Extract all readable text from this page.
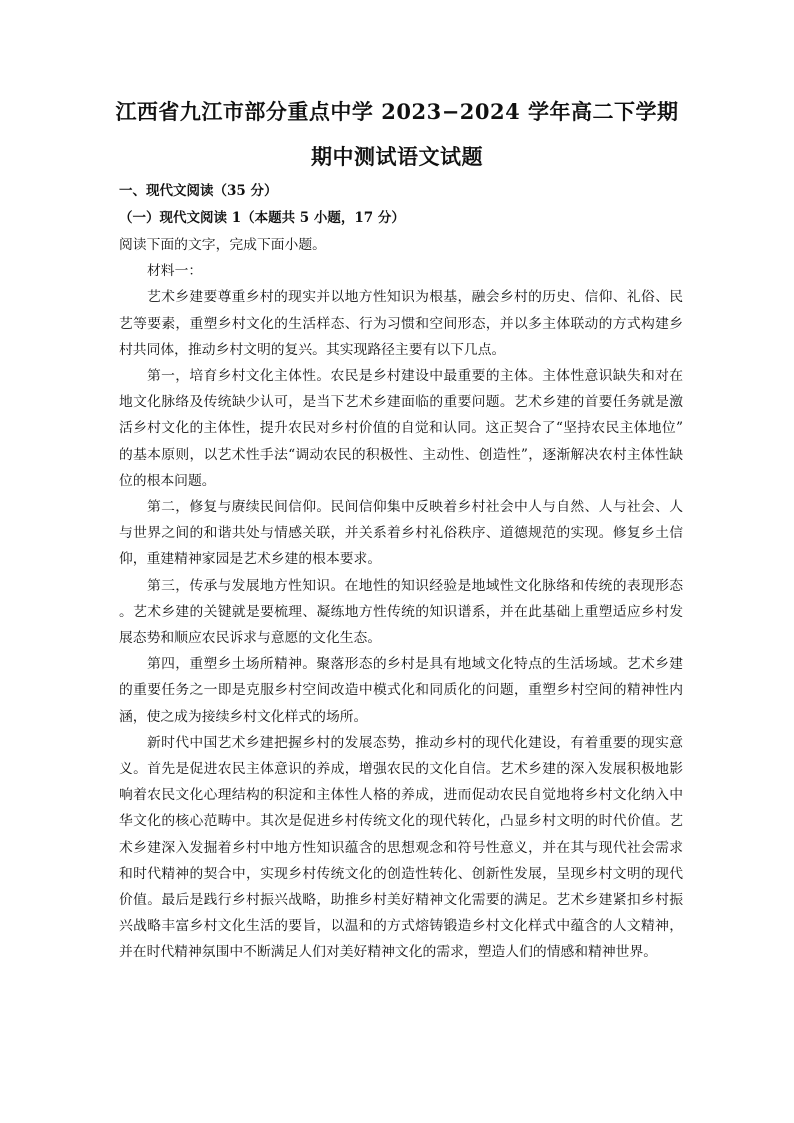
江西省九江市部分重点中学 2023−2024 学年高二下学期
期中测试语文试题
一、现代文阅读（35 分）
（一）现代文阅读 1（本题共 5 小题，17 分）

阅读下面的文字，完成下面小题。

材料一：

艺术乡建要尊重乡村的现实并以地方性知识为根基，融会乡村的历史、信仰、礼俗、民艺等要素，重塑乡村文化的生活样态、行为习惯和空间形态，并以多主体联动的方式构建乡村共同体，推动乡村文明的复兴。其实现路径主要有以下几点。

第一，培育乡村文化主体性。农民是乡村建设中最重要的主体。主体性意识缺失和对在地文化脉络及传统缺少认可，是当下艺术乡建面临的重要问题。艺术乡建的首要任务就是激活乡村文化的主体性，提升农民对乡村价值的自觉和认同。这正契合了“坚持农民主体地位”的基本原则，以艺术性手法“调动农民的积极性、主动性、创造性”，逐渐解决农村主体性缺位的根本问题。

第二，修复与赓续民间信仰。民间信仰集中反映着乡村社会中人与自然、人与社会、人与世界之间的和谐共处与情感关联，并关系着乡村礼俗秩序、道德规范的实现。修复乡土信仰，重建精神家园是艺术乡建的根本要求。

第三，传承与发展地方性知识。在地性的知识经验是地域性文化脉络和传统的表现形态。艺术乡建的关键就是要梳理、凝练地方性传统的知识谱系，并在此基础上重塑适应乡村发展态势和顺应农民诉求与意愿的文化生态。

第四，重塑乡土场所精神。聚落形态的乡村是具有地域文化特点的生活场域。艺术乡建的重要任务之一即是克服乡村空间改造中模式化和同质化的问题，重塑乡村空间的精神性内涵，使之成为接续乡村文化样式的场所。

新时代中国艺术乡建把握乡村的发展态势，推动乡村的现代化建设，有着重要的现实意义。首先是促进农民主体意识的养成，增强农民的文化自信。艺术乡建的深入发展积极地影响着农民文化心理结构的积淀和主体性人格的养成，进而促动农民自觉地将乡村文化纳入中华文化的核心范畴中。其次是促进乡村传统文化的现代转化，凸显乡村文明的时代价值。艺术乡建深入发掘着乡村中地方性知识蕴含的思想观念和符号性意义，并在其与现代社会需求和时代精神的契合中，实现乡村传统文化的创造性转化、创新性发展，呈现乡村文明的现代价值。最后是践行乡村振兴战略，助推乡村美好精神文化需要的满足。艺术乡建紧扣乡村振兴战略丰富乡村文化生活的要旨，以温和的方式熔铸锻造乡村文化样式中蕴含的人文精神，并在时代精神氛围中不断满足人们对美好精神文化的需求，塑造人们的情感和精神世界。
